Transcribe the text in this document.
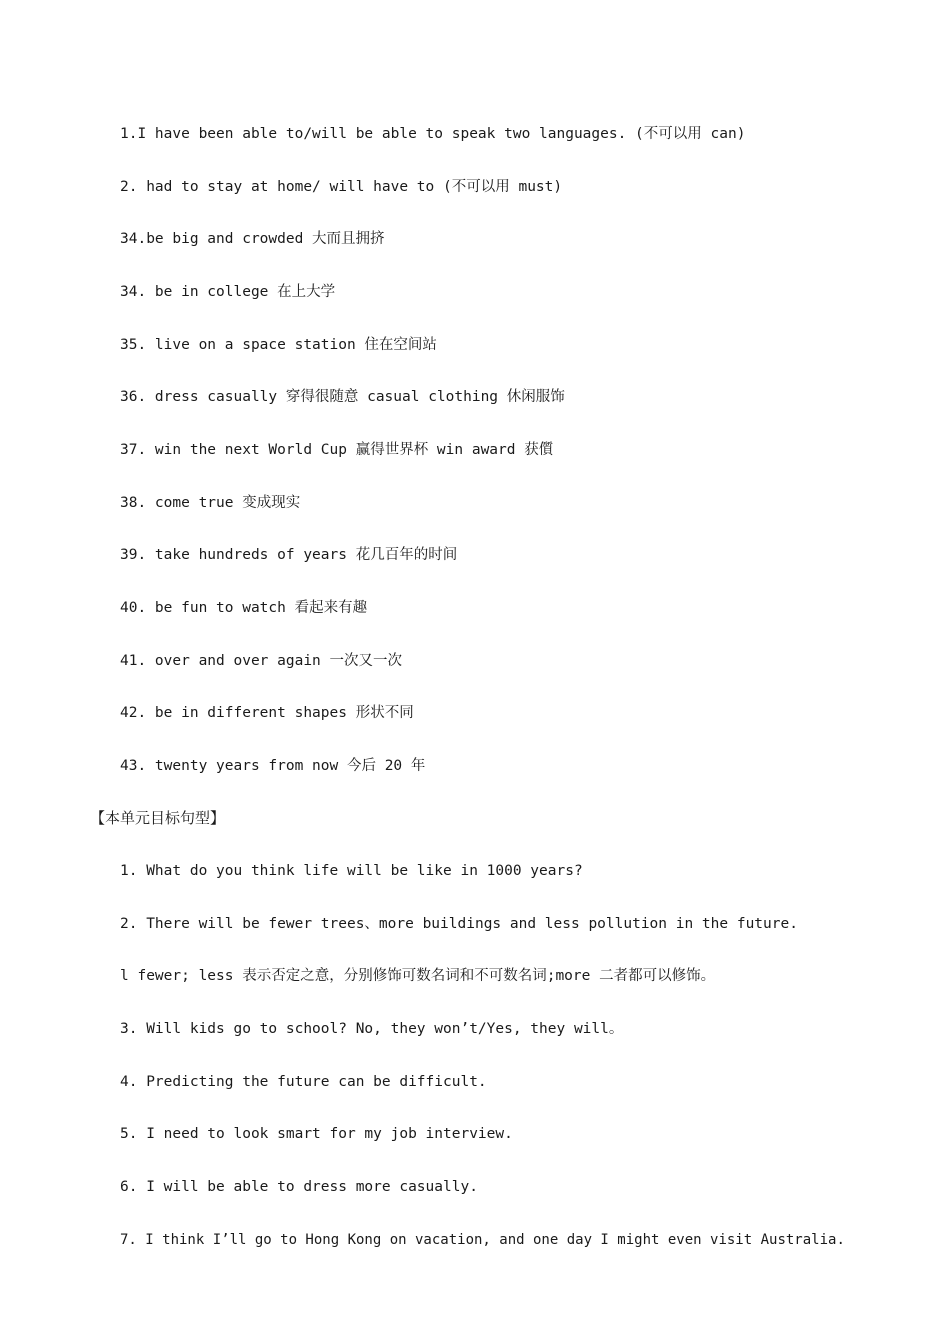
1.I have been able to/will be able to speak two languages. (不可以用 can)
2. had to stay at home/ will have to (不可以用 must)
34.be big and crowded 大而且拥挤
34. be in college 在上大学
35. live on a space station 住在空间站
36. dress casually 穿得很随意 casual clothing 休闲服饰
37. win the next World Cup 赢得世界杯 win award 获儨
38. come true 变成现实
39. take hundreds of years 花几百年的时间
40. be fun to watch 看起来有趣
41. over and over again 一次又一次
42. be in different shapes 形状不同
43. twenty years from now 今后 20 年
【本单元目标句型】
1. What do you think life will be like in 1000 years?
2. There will be fewer trees、more buildings and less pollution in the future.
l fewer; less 表示否定之意，分别修饰可数名词和不可数名词;more 二者都可以修饰。
3. Will kids go to school? No, they won’t/Yes, they will。
4. Predicting the future can be difficult.
5. I need to look smart for my job interview.
6. I will be able to dress more casually.
7. I think I’ll go to Hong Kong on vacation, and one day I might even visit Australia.
